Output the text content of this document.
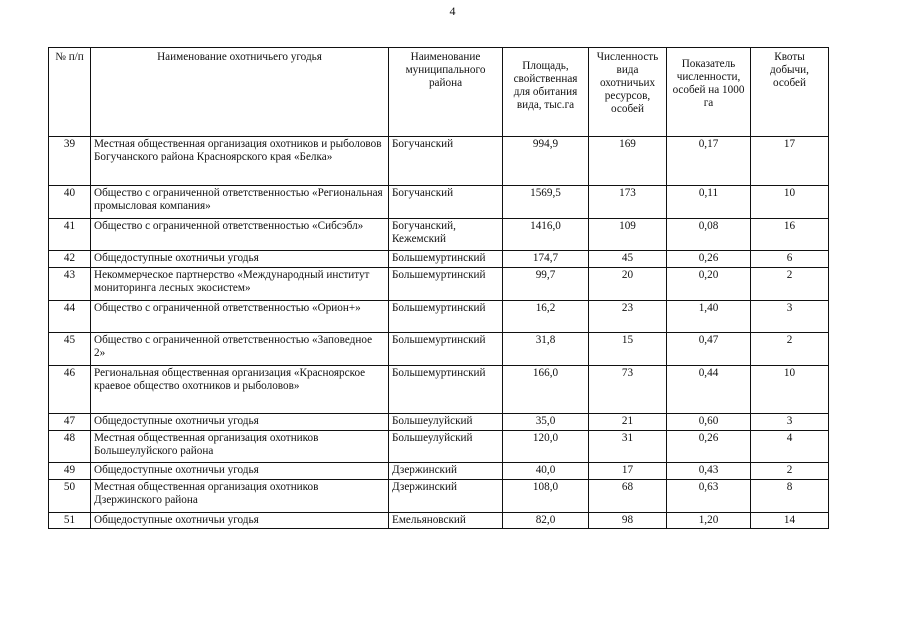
4
№ п/п	Наименование охотничьего угодья	Наименование муниципального района	Площадь, свойственная для обитания вида, тыс.га	Численность вида охотничьих ресурсов, особей	Показатель численности, особей на 1000 га	Квоты добычи, особей
39	Местная общественная организация охотников и рыболовов Богучанского района Красноярского края «Белка»	Богучанский	994,9	169	0,17	17
40	Общество с ограниченной ответственностью «Региональная промысловая компания»	Богучанский	1569,5	173	0,11	10
41	Общество с ограниченной ответственностью «Сибсэбл»	Богучанский, Кежемский	1416,0	109	0,08	16
42	Общедоступные охотничьи угодья	Большемуртинский	174,7	45	0,26	6
43	Некоммерческое партнерство «Международный институт мониторинга лесных экосистем»	Большемуртинский	99,7	20	0,20	2
44	Общество с ограниченной ответственностью «Орион+»	Большемуртинский	16,2	23	1,40	3
45	Общество с ограниченной ответственностью «Заповедное 2»	Большемуртинский	31,8	15	0,47	2
46	Региональная общественная организация «Красноярское краевое общество охотников и рыболовов»	Большемуртинский	166,0	73	0,44	10
47	Общедоступные охотничьи угодья	Большеулуйский	35,0	21	0,60	3
48	Местная общественная организация охотников Большеулуйского района	Большеулуйский	120,0	31	0,26	4
49	Общедоступные охотничьи угодья	Дзержинский	40,0	17	0,43	2
50	Местная общественная организация охотников Дзержинского района	Дзержинский	108,0	68	0,63	8
51	Общедоступные охотничьи угодья	Емельяновский	82,0	98	1,20	14
